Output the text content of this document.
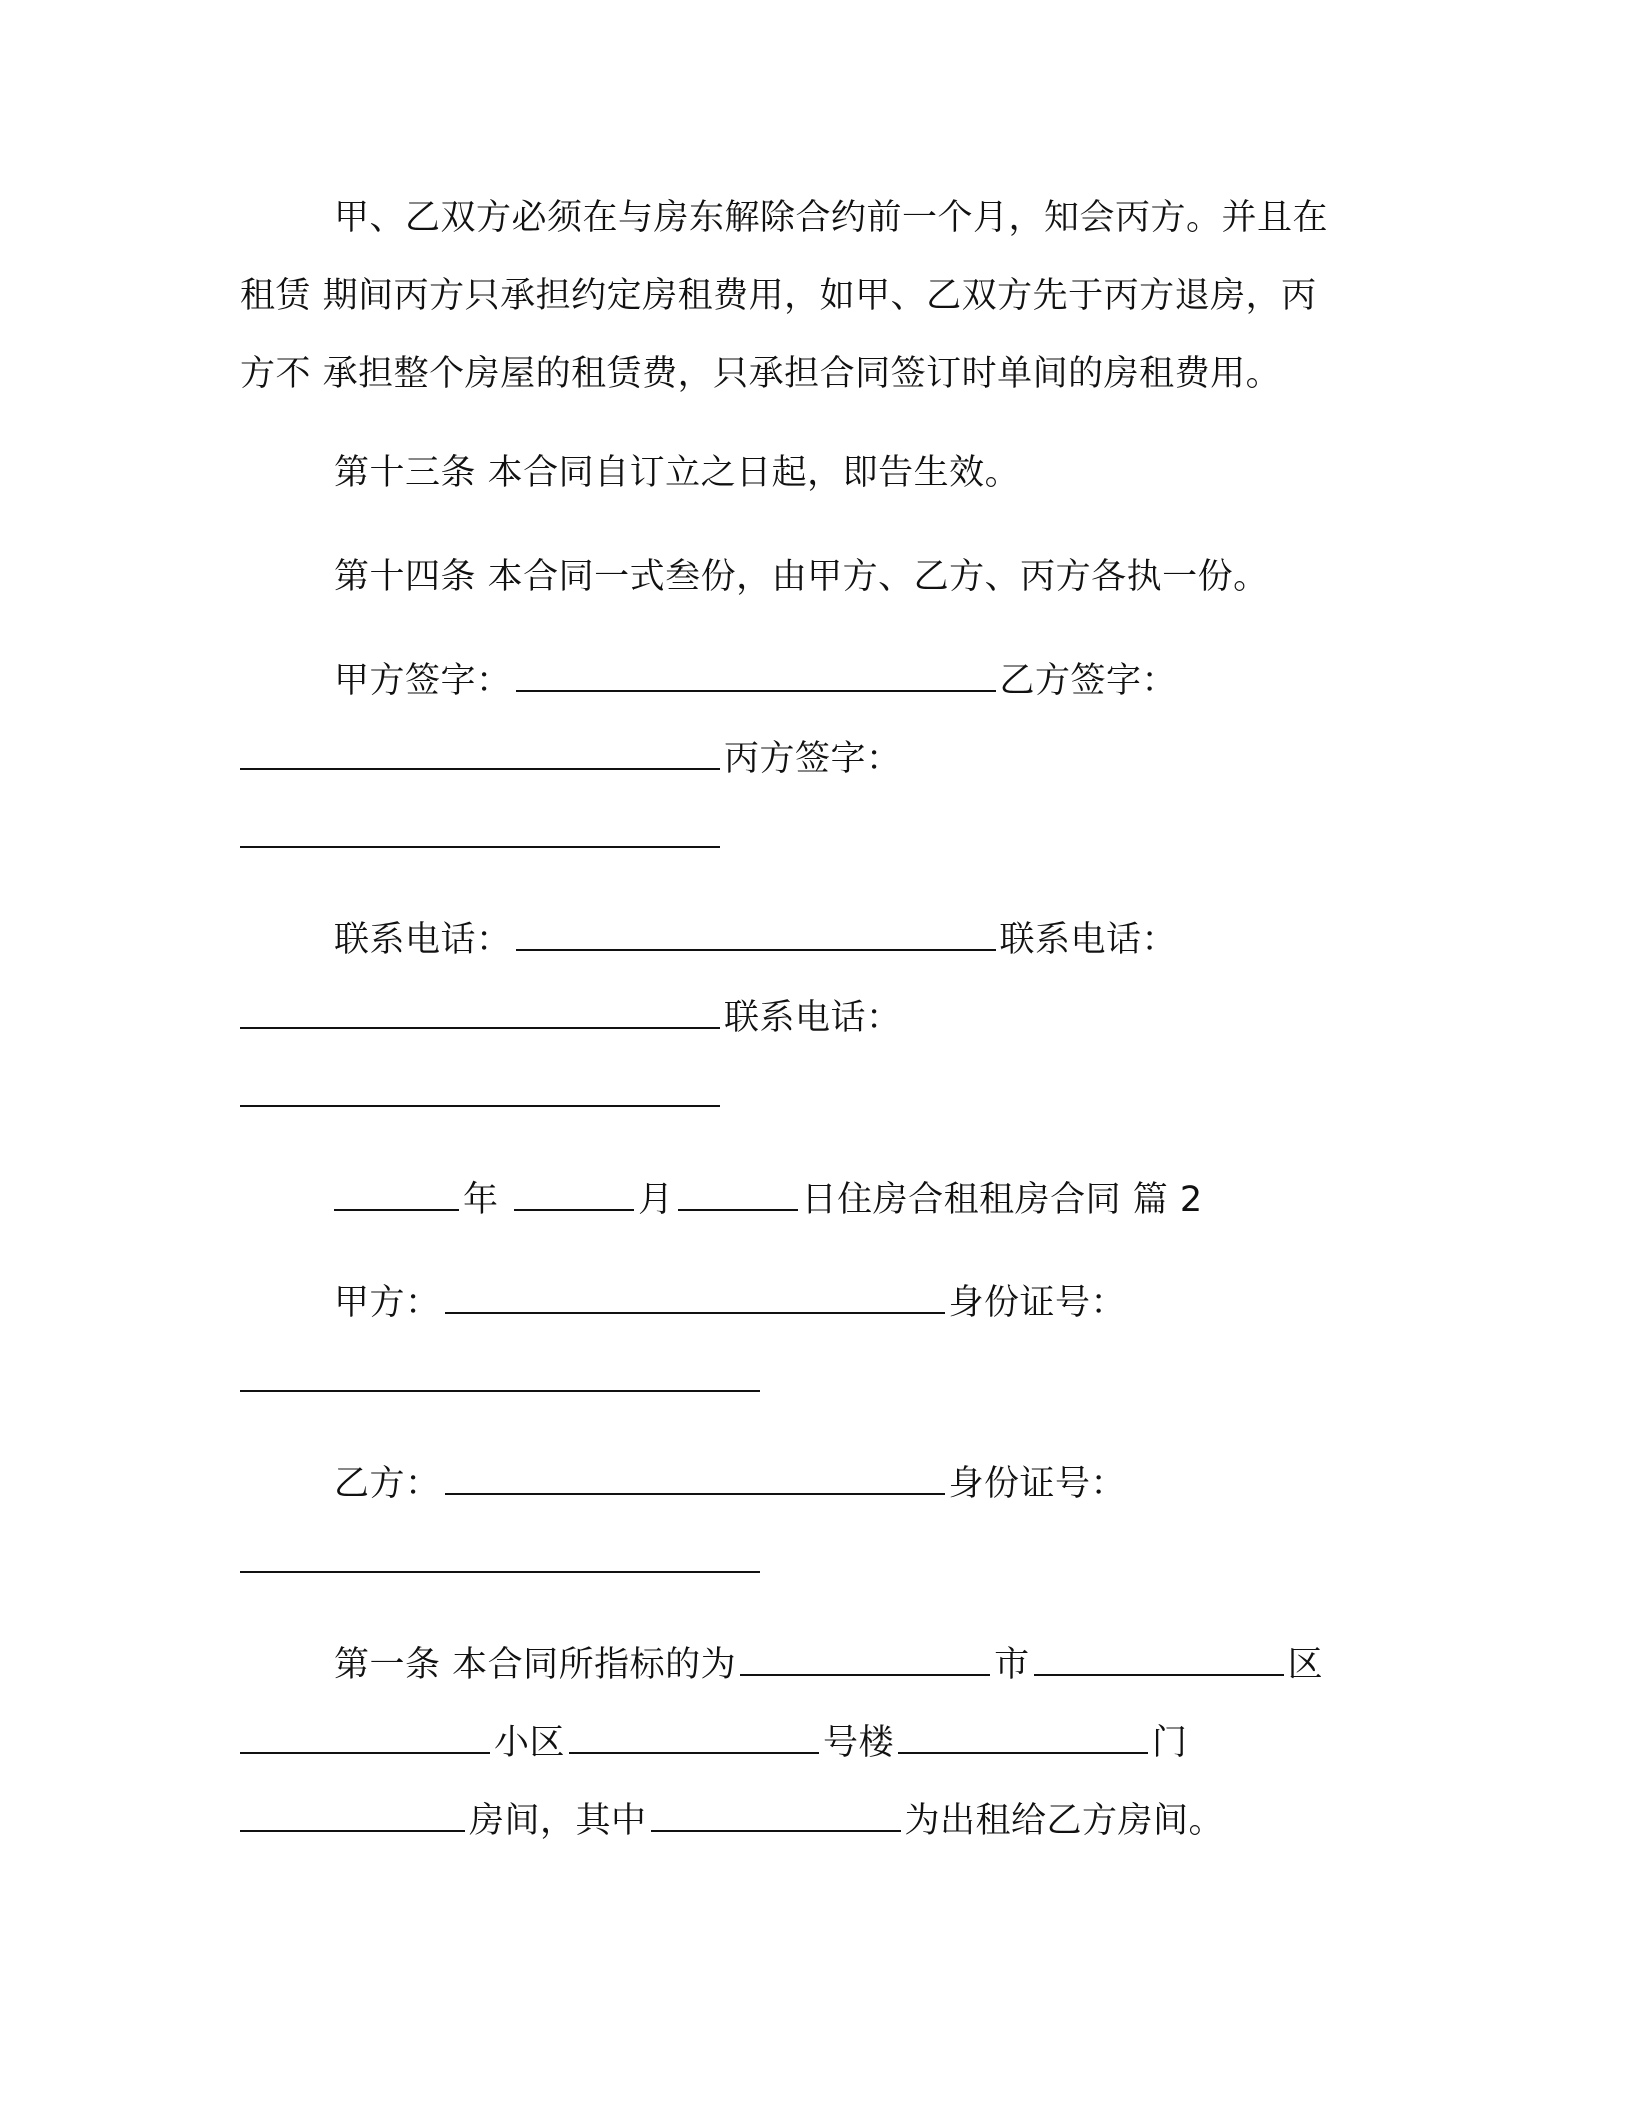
甲、乙双方必须在与房东解除合约前一个月，知会丙方。并且在
租赁 期间丙方只承担约定房租费用，如甲、乙双方先于丙方退房，丙
方不 承担整个房屋的租赁费，只承担合同签订时单间的房租费用。
第十三条 本合同自订立之日起，即告生效。
第十四条 本合同一式叁份，由甲方、乙方、丙方各执一份。
甲方签字：	乙方签字：
丙方签字：
联系电话：	联系电话：
联系电话：
年	月	日住房合租租房合同 篇 2
甲方：	身份证号：
乙方：	身份证号：
第一条 本合同所指标的为	市	区
小区	号楼	门
房间，其中	为出租给乙方房间。
